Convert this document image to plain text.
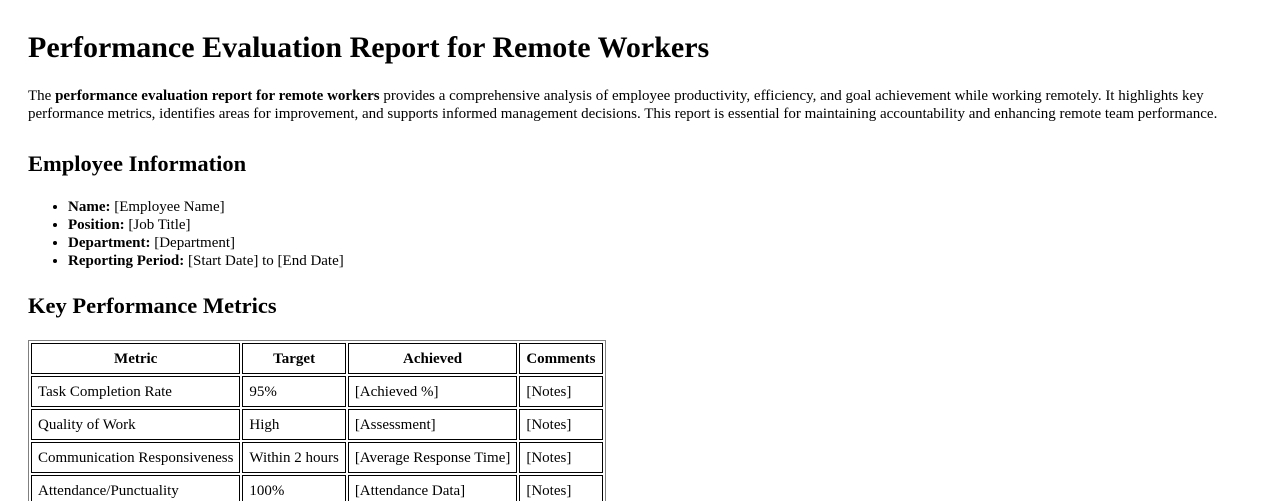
Performance Evaluation Report for Remote Workers

The performance evaluation report for remote workers provides a comprehensive analysis of employee productivity, efficiency, and goal achievement while working remotely. It highlights key performance metrics, identifies areas for improvement, and supports informed management decisions. This report is essential for maintaining accountability and enhancing remote team performance.

Employee Information
• Name: [Employee Name]
• Position: [Job Title]
• Department: [Department]
• Reporting Period: [Start Date] to [End Date]
Key Performance Metrics
Metric	Target	Achieved	Comments
Task Completion Rate	95%	[Achieved %]	[Notes]
Quality of Work	High	[Assessment]	[Notes]
Communication Responsiveness	Within 2 hours	[Average Response Time]	[Notes]
Attendance/Punctuality	100%	[Attendance Data]	[Notes]
